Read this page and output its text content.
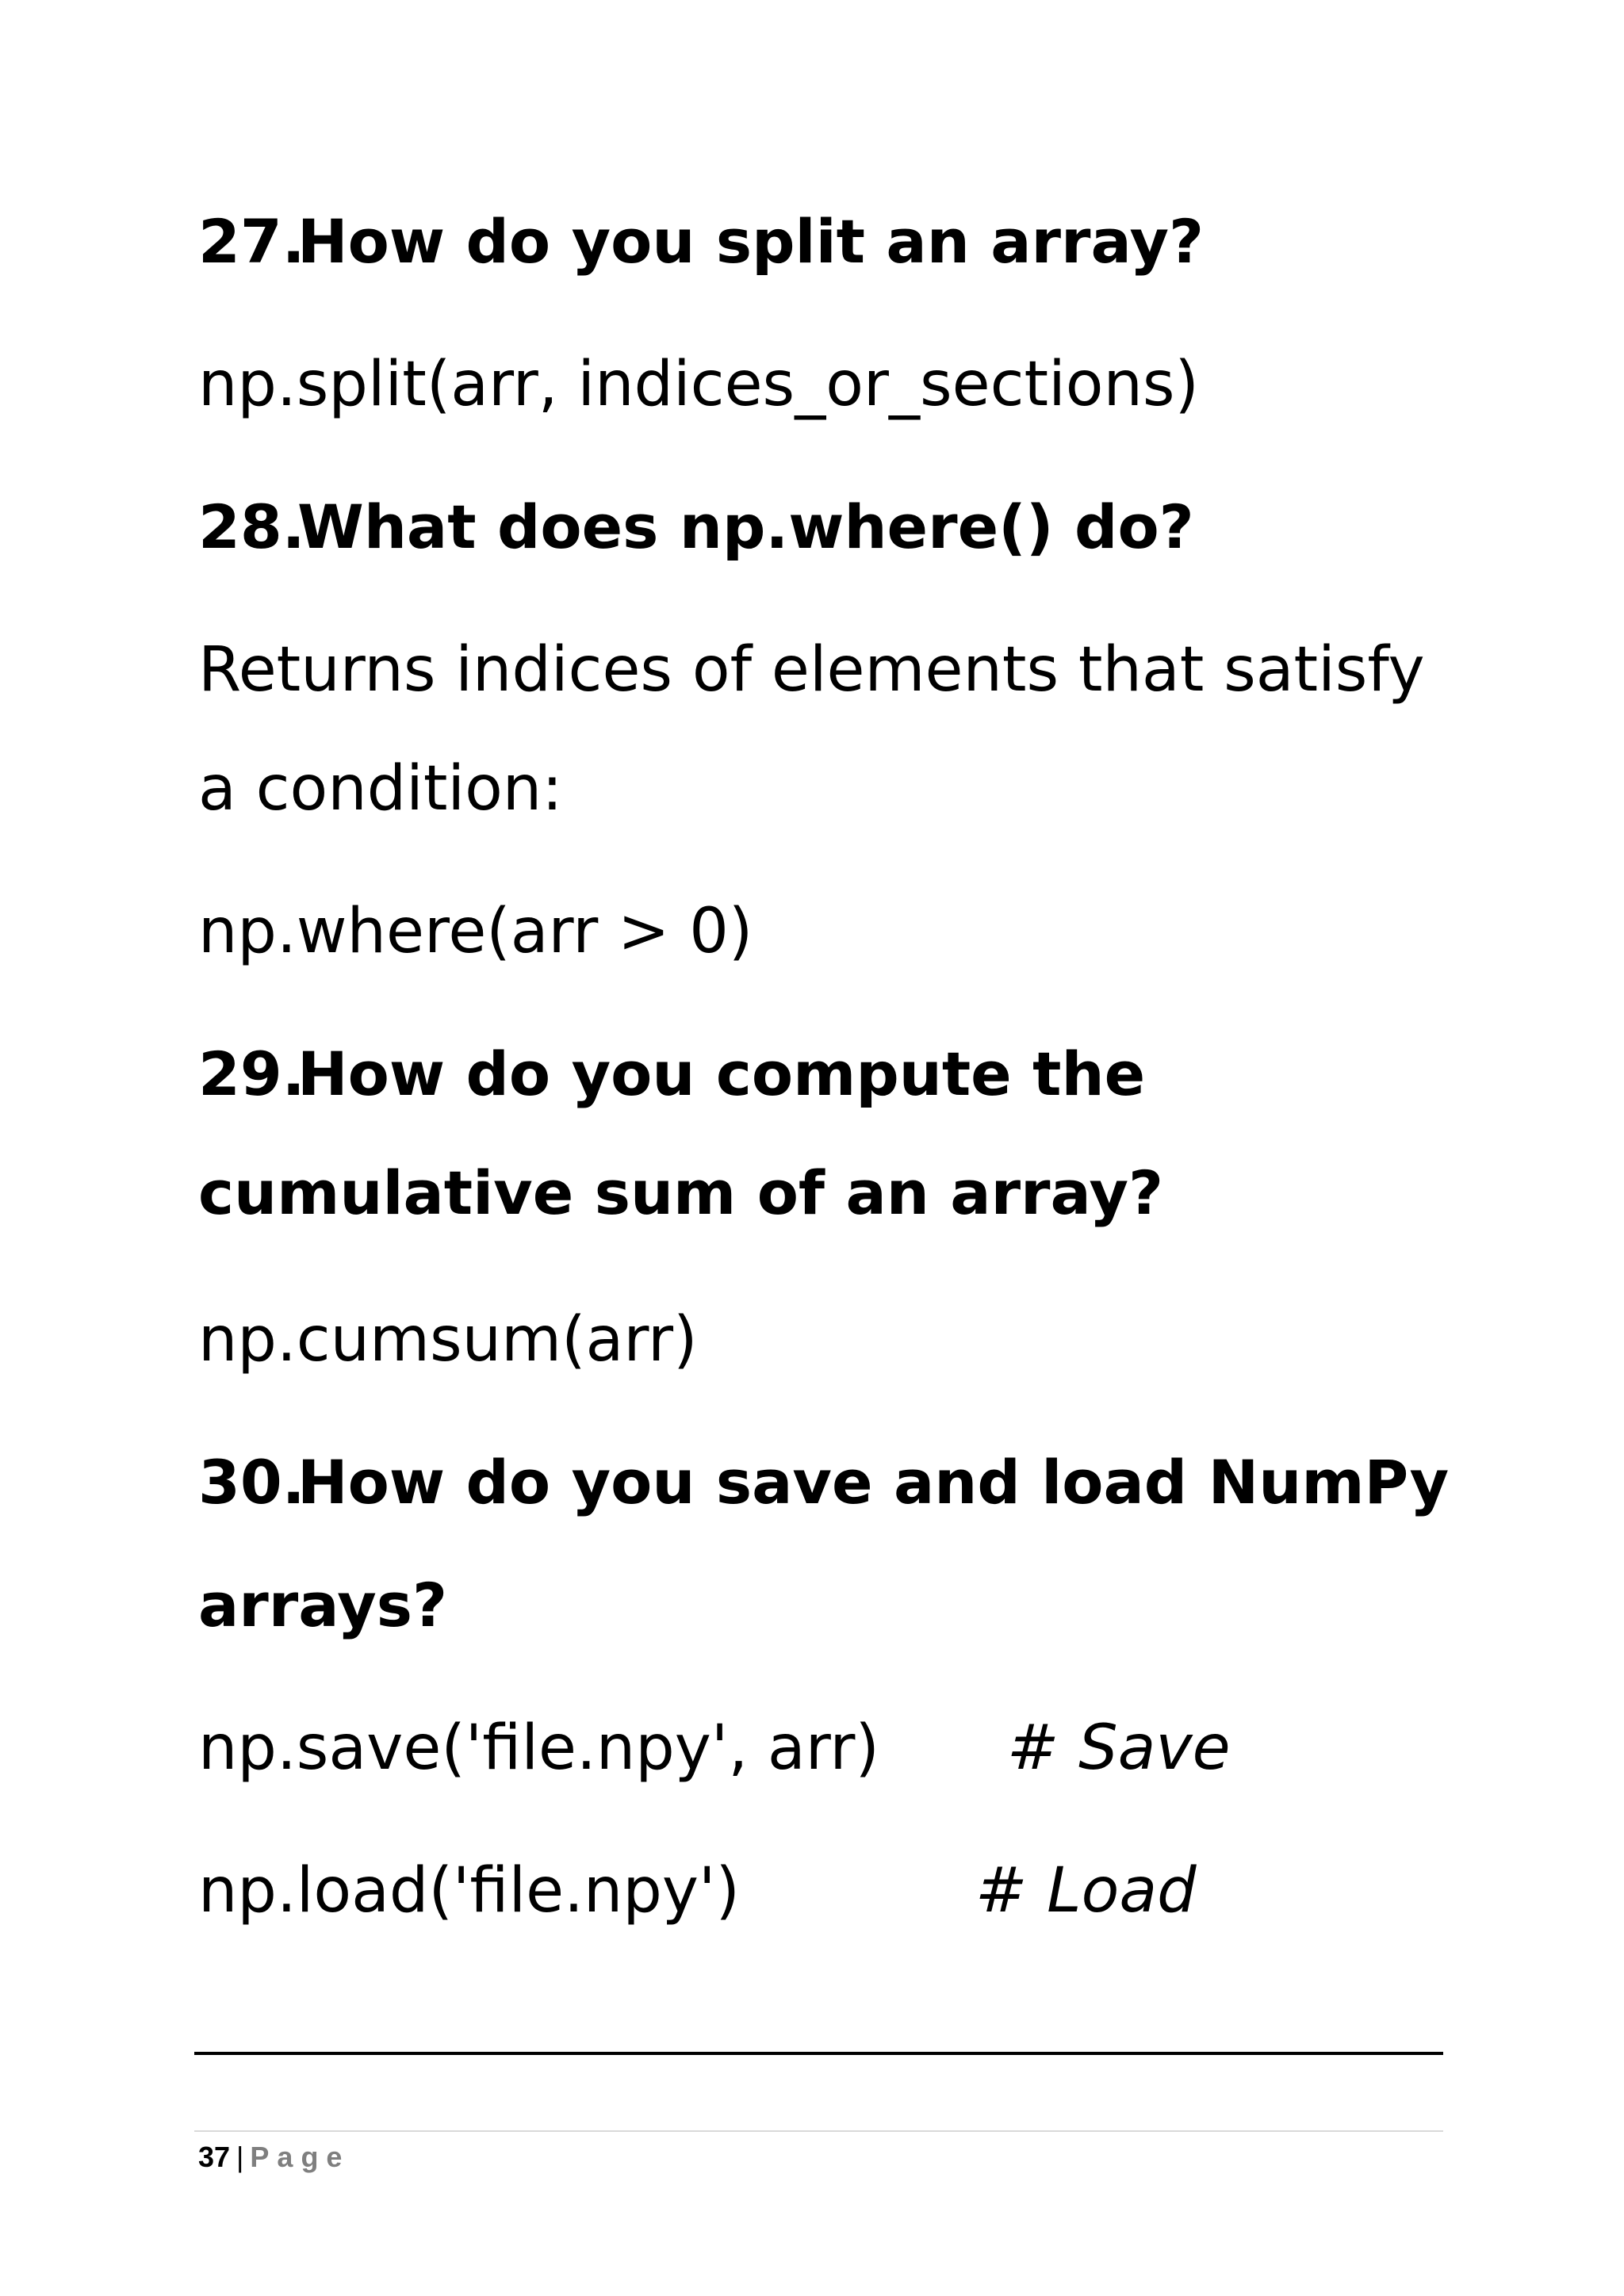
27.How do you split an array?

np.split(arr, indices_or_sections)

28.What does np.where() do?

Returns indices of elements that satisfy

a condition:

np.where(arr > 0)

29.How do you compute the
cumulative sum of an array?

np.cumsum(arr)

30.How do you save and load NumPy
arrays?

np.save('file.npy', arr) # Save

np.load('file.npy')	# Load
37 | Page
